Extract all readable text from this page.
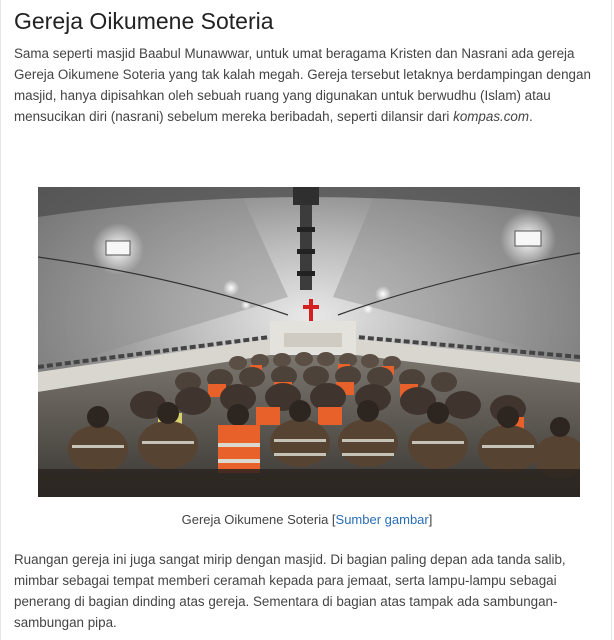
Gereja Oikumene Soteria

Sama seperti masjid Baabul Munawwar, untuk umat beragama Kristen dan Nasrani ada gereja Gereja Oikumene Soteria yang tak kalah megah. Gereja tersebut letaknya berdampingan dengan masjid, hanya dipisahkan oleh sebuah ruang yang digunakan untuk berwudhu (Islam) atau mensucikan diri (nasrani) sebelum mereka beribadah, seperti dilansir dari kompas.com.

Gereja Oikumene Soteria [Sumber gambar]

Ruangan gereja ini juga sangat mirip dengan masjid. Di bagian paling depan ada tanda salib, mimbar sebagai tempat memberi ceramah kepada para jemaat, serta lampu-lampu sebagai penerang di bagian dinding atas gereja. Sementara di bagian atas tampak ada sambungan-sambungan pipa.
